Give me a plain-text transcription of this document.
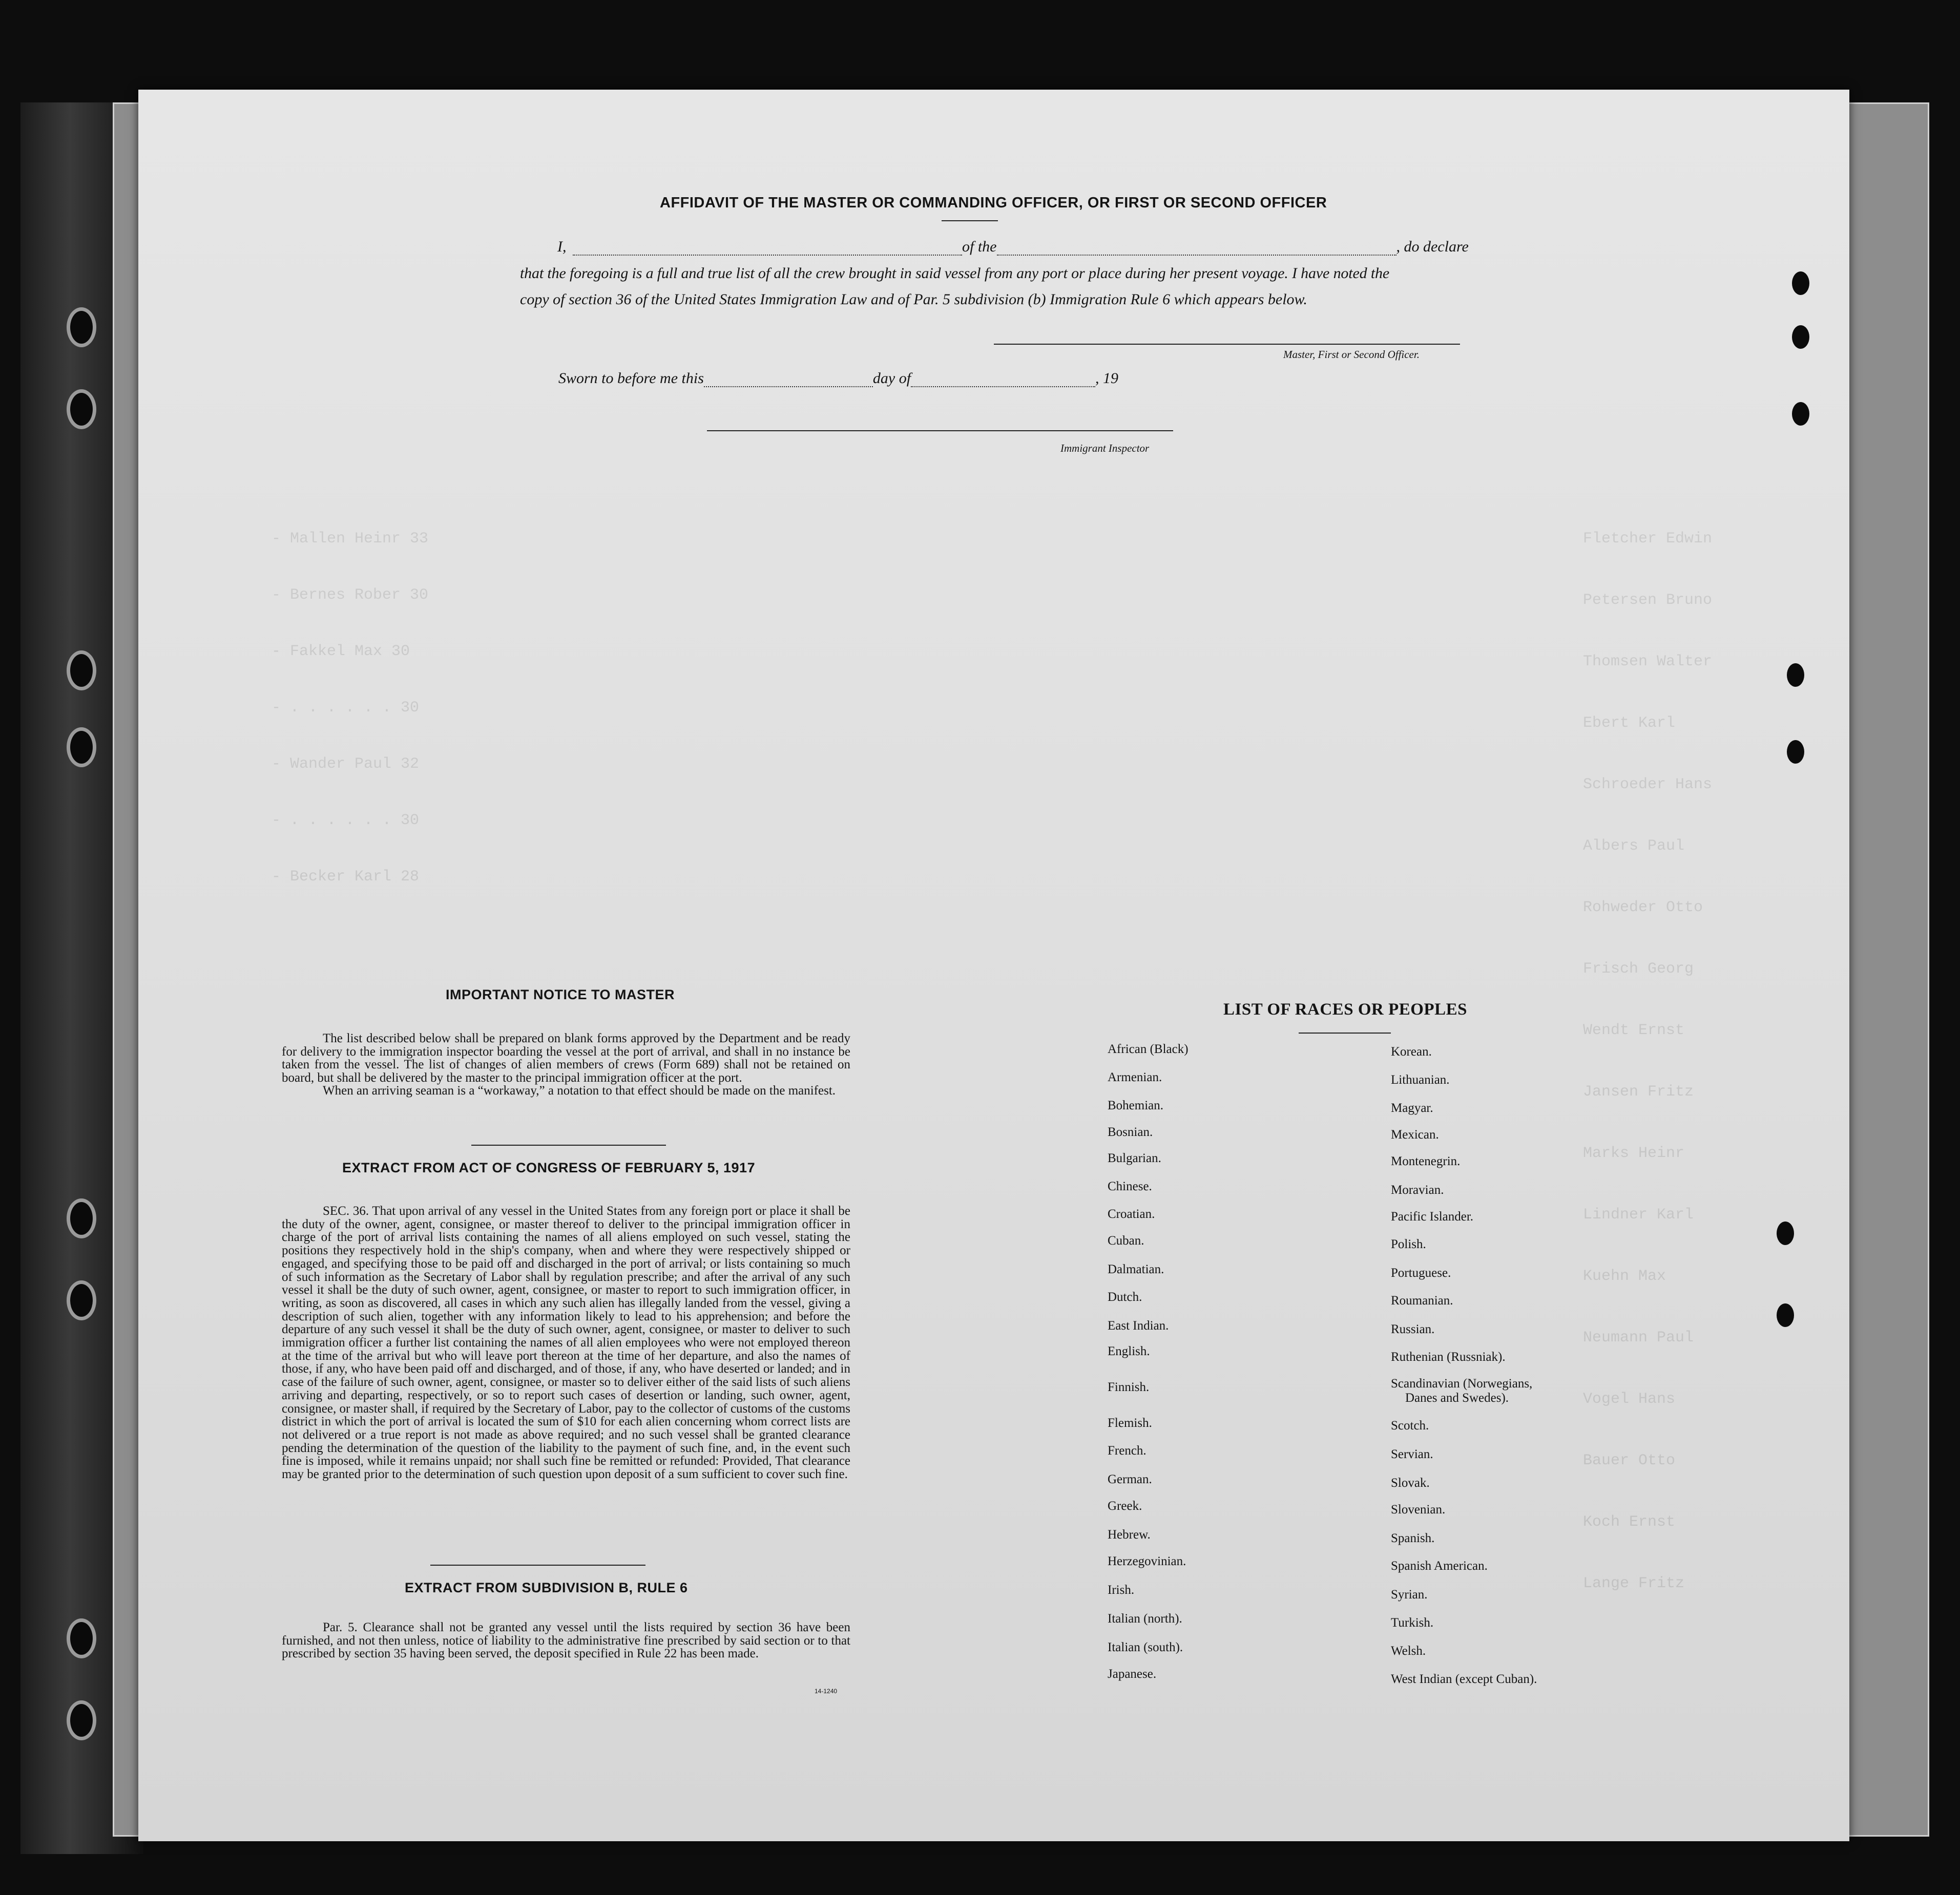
- Mallen Heinr 33
- Bernes Rober 30
- Fakkel Max 30
- . . . . . . 30
- Wander Paul 32
- . . . . . . 30
- Becker Karl 28
Fletcher Edwin
Petersen Bruno
Thomsen Walter
Ebert Karl
Schroeder Hans
Albers Paul
Rohweder Otto
Frisch Georg
Wendt Ernst
Jansen Fritz
Marks Heinr
Lindner Karl
Kuehn Max
Neumann Paul
Vogel Hans
Bauer Otto
Koch Ernst
Lange Fritz
AFFIDAVIT OF THE MASTER OR COMMANDING OFFICER, OR FIRST OR SECOND OFFICER
I,	of the	, do declare
that the foregoing is a full and true list of all the crew brought in said vessel from any port or place during her present voyage. I have noted the
copy of section 36 of the United States Immigration Law and of Par. 5 subdivision (b) Immigration Rule 6 which appears below.
Master, First or Second Officer.
Sworn to before me this	day of	, 19
Immigrant Inspector
IMPORTANT NOTICE TO MASTER

The list described below shall be prepared on blank forms approved by the Department and be ready for delivery to the immigration inspector boarding the vessel at the port of arrival, and shall in no instance be taken from the vessel. The list of changes of alien members of crews (Form 689) shall not be retained on board, but shall be delivered by the master to the principal immigration officer at the port.

When an arriving seaman is a “workaway,” a notation to that effect should be made on the manifest.

EXTRACT FROM ACT OF CONGRESS OF FEBRUARY 5, 1917

SEC. 36. That upon arrival of any vessel in the United States from any foreign port or place it shall be the duty of the owner, agent, consignee, or master thereof to deliver to the principal immigration officer in charge of the port of arrival lists containing the names of all aliens employed on such vessel, stating the positions they respectively hold in the ship's company, when and where they were respectively shipped or engaged, and specifying those to be paid off and discharged in the port of arrival; or lists containing so much of such information as the Secretary of Labor shall by regulation prescribe; and after the arrival of any such vessel it shall be the duty of such owner, agent, consignee, or master to report to such immigration officer, in writing, as soon as discovered, all cases in which any such alien has illegally landed from the vessel, giving a description of such alien, together with any information likely to lead to his apprehension; and before the departure of any such vessel it shall be the duty of such owner, agent, consignee, or master to deliver to such immigration officer a further list containing the names of all alien employees who were not employed thereon at the time of the arrival but who will leave port thereon at the time of her departure, and also the names of those, if any, who have been paid off and discharged, and of those, if any, who have deserted or landed; and in case of the failure of such owner, agent, consignee, or master so to deliver either of the said lists of such aliens arriving and departing, respectively, or so to report such cases of desertion or landing, such owner, agent, consignee, or master shall, if required by the Secretary of Labor, pay to the collector of customs of the customs district in which the port of arrival is located the sum of $10 for each alien concerning whom correct lists are not delivered or a true report is not made as above required; and no such vessel shall be granted clearance pending the determination of the question of the liability to the payment of such fine, and, in the event such fine is imposed, while it remains unpaid; nor shall such fine be remitted or refunded: Provided, That clearance may be granted prior to the determination of such question upon deposit of a sum sufficient to cover such fine.

EXTRACT FROM SUBDIVISION B, RULE 6

Par. 5. Clearance shall not be granted any vessel until the lists required by section 36 have been furnished, and not then unless, notice of liability to the administrative fine prescribed by said section or to that prescribed by section 35 having been served, the deposit specified in Rule 22 has been made.

14-1240
LIST OF RACES OR PEOPLES
African (Black)
Armenian.
Bohemian.
Bosnian.
Bulgarian.
Chinese.
Croatian.
Cuban.
Dalmatian.
Dutch.
East Indian.
English.
Finnish.
Flemish.
French.
German.
Greek.
Hebrew.
Herzegovinian.
Irish.
Italian (north).
Italian (south).
Japanese.
Korean.
Lithuanian.
Magyar.
Mexican.
Montenegrin.
Moravian.
Pacific Islander.
Polish.
Portuguese.
Roumanian.
Russian.
Ruthenian (Russniak).
Scandinavian (Norwegians,
Danes and Swedes).
Scotch.
Servian.
Slovak.
Slovenian.
Spanish.
Spanish American.
Syrian.
Turkish.
Welsh.
West Indian (except Cuban).
